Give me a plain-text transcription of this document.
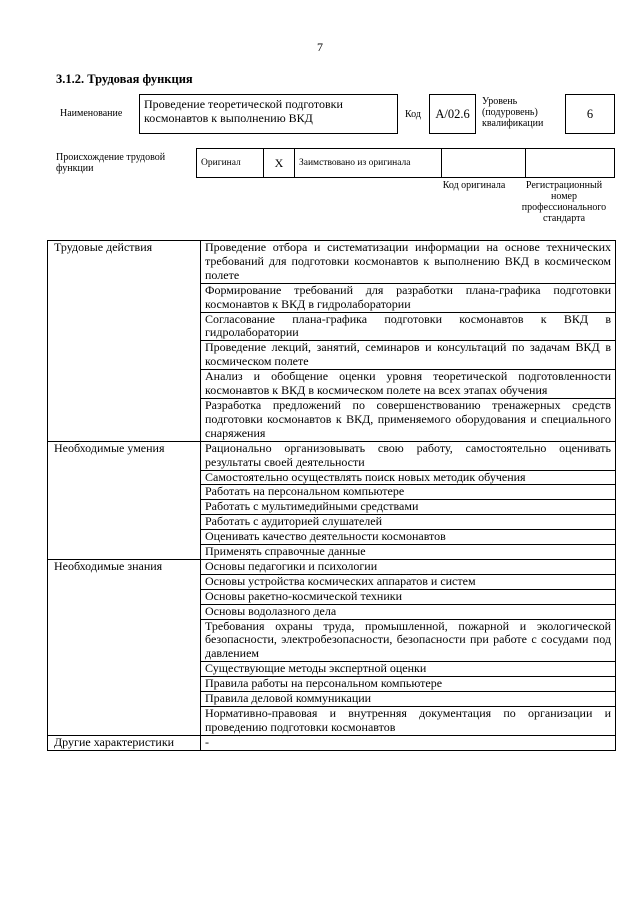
7
3.1.2. Трудовая функция
Наименование
Проведение теоретической подготовки космонавтов к выполнению ВКД	Код	A/02.6
Уровень (подуровень) квалификации
6
Происхождение трудовой функции	Оригинал	X	Заимствовано из оригинала		
Код оригинала	Регистрационный номер профессионального стандарта
Трудовые действия	Проведение отбора и систематизации информации на основе технических требований для подготовки космонавтов к выполнению ВКД в космическом полете
	Формирование требований для разработки плана-графика подготовки космонавтов к ВКД в гидролаборатории
	Согласование плана-графика подготовки космонавтов к ВКД в гидролаборатории
	Проведение лекций, занятий, семинаров и консультаций по задачам ВКД в космическом полете
	Анализ и обобщение оценки уровня теоретической подготовленности космонавтов к ВКД в космическом полете на всех этапах обучения
	Разработка предложений по совершенствованию тренажерных средств подготовки космонавтов к ВКД, применяемого оборудования и специального снаряжения
Необходимые умения	Рационально организовывать свою работу, самостоятельно оценивать результаты своей деятельности
	Самостоятельно осуществлять поиск новых методик обучения
	Работать на персональном компьютере
	Работать с мультимедийными средствами
	Работать с аудиторией слушателей
	Оценивать качество деятельности космонавтов
	Применять справочные данные
Необходимые знания	Основы педагогики и психологии
	Основы устройства космических аппаратов и систем
	Основы ракетно-космической техники
	Основы водолазного дела
	Требования охраны труда, промышленной, пожарной и экологической безопасности, электробезопасности, безопасности при работе с сосудами под давлением
	Существующие методы экспертной оценки
	Правила работы на персональном компьютере
	Правила деловой коммуникации
	Нормативно-правовая и внутренняя документация по организации и проведению подготовки космонавтов
Другие характеристики	-
